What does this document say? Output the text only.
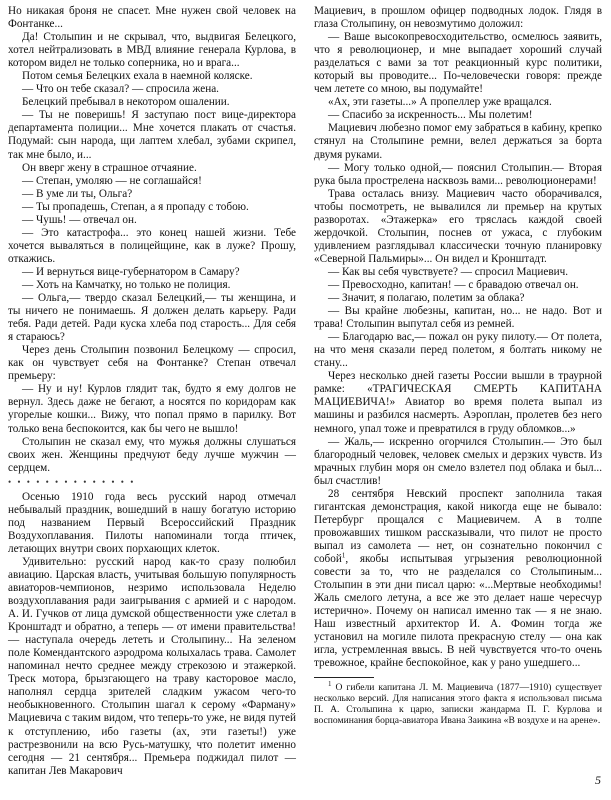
Но никакая броня не спасет. Мне нужен свой человек на Фонтанке...

Да! Столыпин и не скрывал, что, выдвигая Белецкого, хотел нейтрализовать в МВД влияние генерала Курлова, в котором видел не только соперника, но и врага...

Потом семья Белецких ехала в наемной коляске.

— Что он тебе сказал? — спросила жена.

Белецкий пребывал в некотором ошалении.

— Ты не поверишь! Я заступаю пост вице-директора департамента полиции... Мне хочется плакать от счастья. Подумай: сын народа, щи лаптем хлебал, зубами скрипел, так мне было, и...

Он вверг жену в страшное отчаяние.

— Степан, умоляю — не соглашайся!

— В уме ли ты, Ольга?

— Ты пропадешь, Степан, а я пропаду с тобою.

— Чушь! — отвечал он.

— Это катастрофа... это конец нашей жизни. Тебе хочется вываляться в полицейщине, как в луже? Прошу, откажись.

— И вернуться вице-губернатором в Самару?

— Хоть на Камчатку, но только не полиция.

— Ольга,— твердо сказал Белецкий,— ты женщина, и ты ничего не понимаешь. Я должен делать карьеру. Ради тебя. Ради детей. Ради куска хлеба под старость... Для себя я стараюсь?

Через день Столыпин позвонил Белецкому — спросил, как он чувствует себя на Фонтанке? Степан отвечал премьеру:

— Ну и ну! Курлов глядит так, будто я ему долгов не вернул. Здесь даже не бегают, а носятся по коридорам как угорелые кошки... Вижу, что попал прямо в парилку. Вот только вена беспокоится, как бы чего не вышло!

Столыпин не сказал ему, что мужья должны слушаться своих жен. Женщины предчуют беду лучше мужчин — сердцем.

• • • • • • • • • • • • • •

Осенью 1910 года весь русский народ отмечал небывалый праздник, вошедший в нашу богатую историю под названием Первый Всероссийский Праздник Воздухоплавания. Пилоты напоминали тогда птичек, летающих внутри своих порхающих клеток.

Удивительно: русский народ как-то сразу полюбил авиацию. Царская власть, учитывая большую популярность авиаторов-чемпионов, незримо использовала Неделю воздухоплавания ради заигрывания с армией и с народом. А. И. Гучков от лица думской общественности уже слетал в Кронштадт и обратно, а теперь — от имени правительства! — наступала очередь лететь и Столыпину... На зеленом поле Комендантского аэродрома колыхалась трава. Самолет напоминал нечто среднее между стрекозою и этажеркой. Треск мотора, брызгающего на траву касторовое масло, наполнял сердца зрителей сладким ужасом чего-то необыкновенного. Столыпин шагал к серому «Фарману» Мациевича с таким видом, что теперь-то уже, не видя путей к отступлению, ибо газеты (ах, эти газеты!) уже растрезвонили на всю Русь-матушку, что полетит именно сегодня — 21 сентября... Премьера поджидал пилот — капитан Лев Макарович

Мациевич, в прошлом офицер подводных лодок. Глядя в глаза Столыпину, он невозмутимо доложил:

— Ваше высокопревосходительство, осмелюсь заявить, что я революционер, и мне выпадает хороший случай разделаться с вами за тот реакционный курс политики, который вы проводите... По-человечески говоря: прежде чем летете со мною, вы подумайте!

«Ах, эти газеты...» А пропеллер уже вращался.

— Спасибо за искренность... Мы полетим!

Мациевич любезно помог ему забраться в кабину, крепко стянул на Столыпине ремни, велел держаться за борта двумя руками.

— Могу только одной,— пояснил Столыпин.— Вторая рука была прострелена насквозь вами... революционерами!

Трава осталась внизу. Мациевич часто оборачивался, чтобы посмотреть, не вывалился ли премьер на крутых разворотах. «Этажерка» его тряслась каждой своей жердочкой. Столыпин, поснев от ужаса, с глубоким удивлением разглядывал классически точную планировку «Северной Пальмиры»... Он видел и Кронштадт.

— Как вы себя чувствуете? — спросил Мациевич.

— Превосходно, капитан! — с бравадою отвечал он.

— Значит, я полагаю, полетим за облака?

— Вы крайне любезны, капитан, но... не надо. Вот и трава! Столыпин выпутал себя из ремней.

— Благодарю вас,— пожал он руку пилоту.— От полета, на что меня сказали перед полетом, я болтать никому не стану...

Через несколько дней газеты России вышли в траурной рамке: «ТРАГИЧЕСКАЯ СМЕРТЬ КАПИТАНА МАЦИЕВИЧА!» Авиатор во время полета выпал из машины и разбился насмерть. Аэроплан, пролетев без него немного, упал тоже и превратился в груду обломков...»

— Жаль,— искренно огорчился Столыпин.— Это был благородный человек, человек смелых и дерзких чувств. Из мрачных глубин моря он смело взлетел под облака и был... был счастлив!

28 сентября Невский проспект заполнила такая гигантская демонстрация, какой никогда еще не бывало: Петербург прощался с Мациевичем. А в толпе провожавших тишком рассказывали, что пилот не просто выпал из самолета — нет, он сознательно покончил с собой$^1$, якобы испытывая угрызения революционной совести за то, что не разделался со Столыпиным... Столыпин в эти дни писал царю: «...Мертвые необходимы! Жаль смелого летуна, а все же это делает наше чересчур истерично». Почему он написал именно так — я не знаю. Наш известный архитектор И. А. Фомин тогда же установил на могиле пилота прекрасную стелу — она как игла, устремленная ввысь. В ней чувствуется что-то очень тревожное, крайне беспокойное, как у рано ушедшего...

$^1$ О гибели капитана Л. М. Мациевича (1877—1910) существует несколько версий. Для написания этого факта я использовал письма П. А. Столыпина к царю, записки жандарма П. Г. Курлова и воспоминания борца-авиатора Ивана Заикина «В воздухе и на арене».

5
